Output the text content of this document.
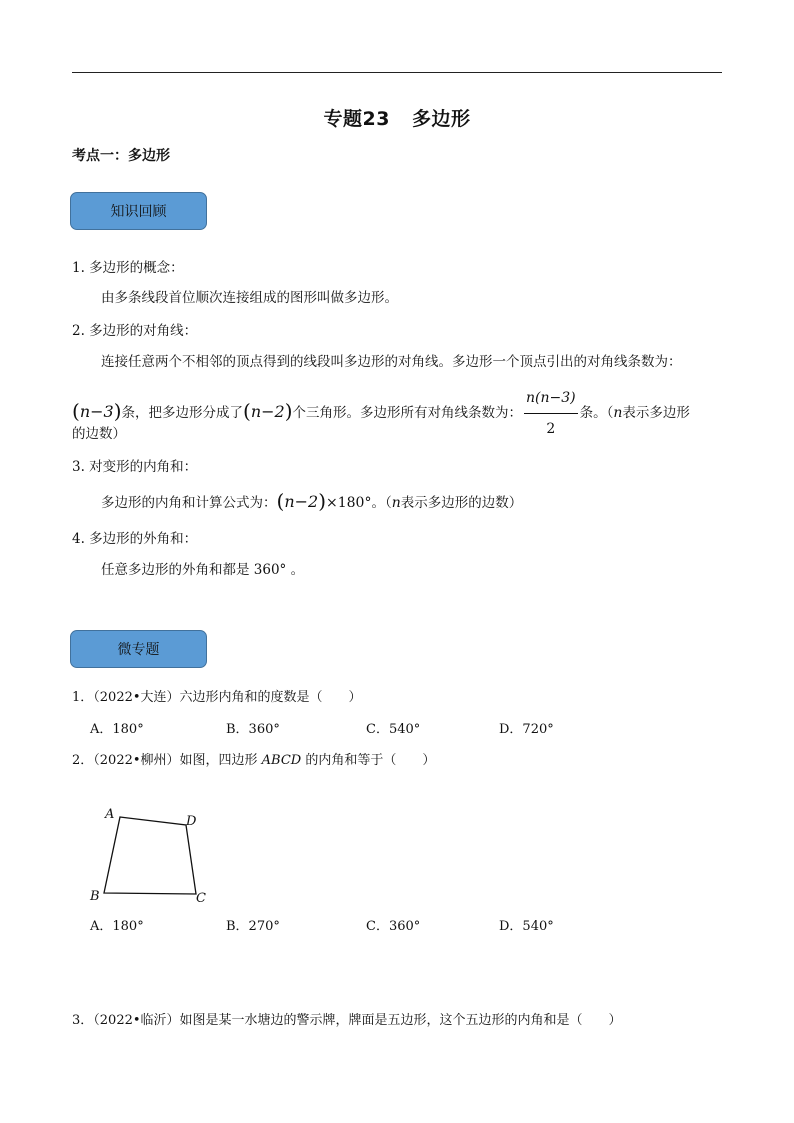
专题23 多边形
考点一：多边形
知识回顾
1. 多边形的概念：
由多条线段首位顺次连接组成的图形叫做多边形。
2. 多边形的对角线：
连接任意两个不相邻的顶点得到的线段叫多边形的对角线。多边形一个顶点引出的对角线条数为：
(n−3)条，把多边形分成了(n−2)个三角形。多边形所有对角线条数为： $\frac{n(n-3)}{2}$ 条。（n表示多边形
的边数）
3. 对变形的内角和：
多边形的内角和计算公式为：(n−2)×180°。（n表示多边形的边数）
4. 多边形的外角和：
任意多边形的外角和都是 360° 。
微专题
1．（2022•大连）六边形内角和的度数是（　　）
A．180°	B．360°	C．540°	D．720°
2．（2022•柳州）如图，四边形 ABCD 的内角和等于（　　）
A	D
B	C
A．180°	B．270°	C．360°	D．540°
3．（2022•临沂）如图是某一水塘边的警示牌，牌面是五边形，这个五边形的内角和是（　　）
